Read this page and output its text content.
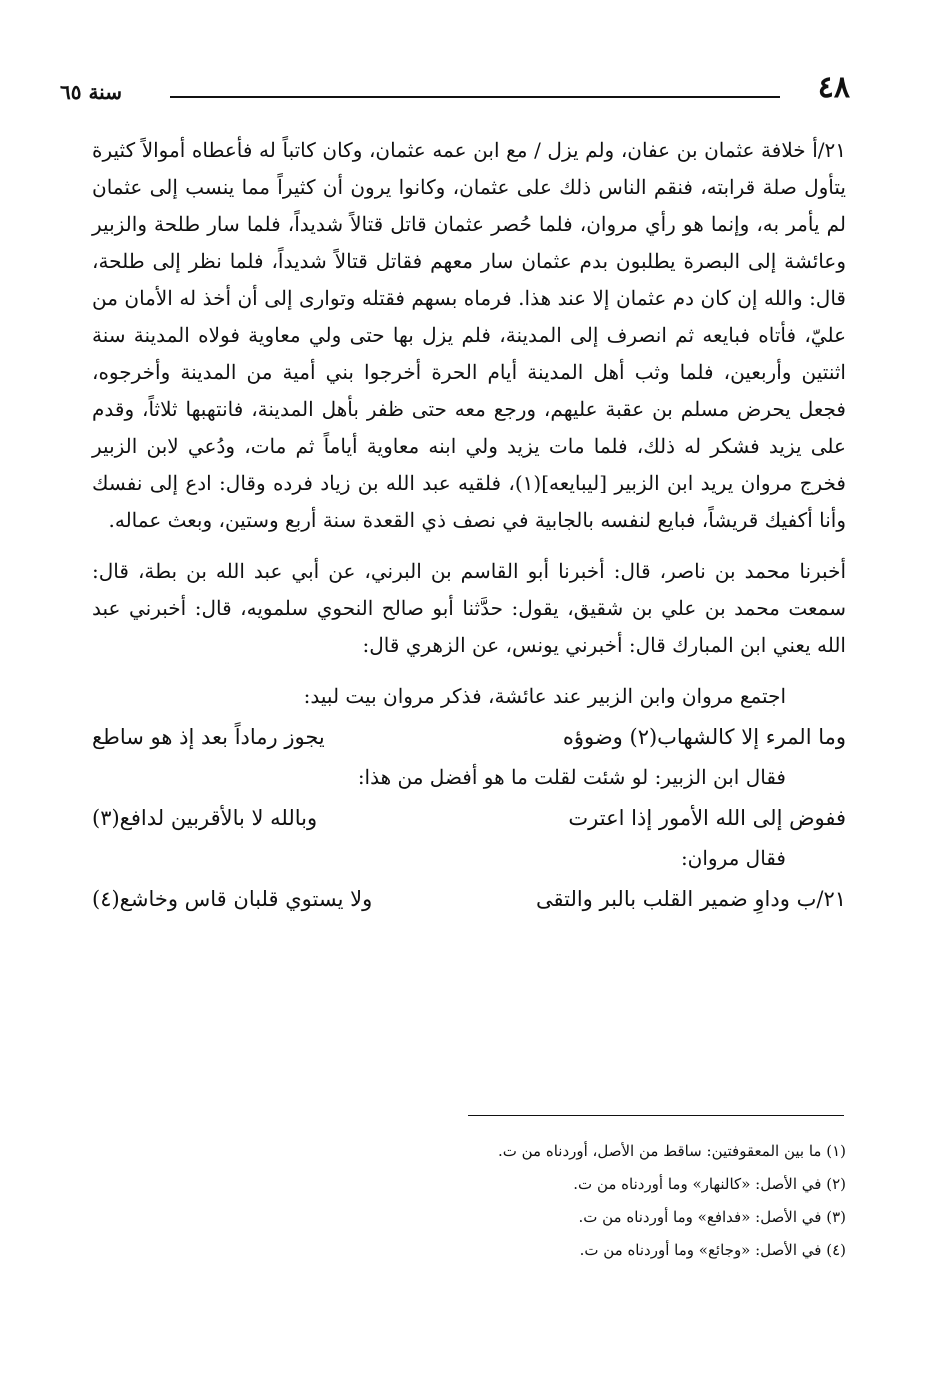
٤٨
سنة ٦٥

٢١/أ خلافة عثمان بن عفان، ولم يزل / مع ابن عمه عثمان، وكان كاتباً له فأعطاه أموالاً كثيرة يتأول صلة قرابته، فنقم الناس ذلك على عثمان، وكانوا يرون أن كثيراً مما ينسب إلى عثمان لم يأمر به، وإنما هو رأي مروان، فلما حُصر عثمان قاتل قتالاً شديداً، فلما سار طلحة والزبير وعائشة إلى البصرة يطلبون بدم عثمان سار معهم فقاتل قتالاً شديداً، فلما نظر إلى طلحة، قال: والله إن كان دم عثمان إلا عند هذا. فرماه بسهم فقتله وتوارى إلى أن أخذ له الأمان من عليّ، فأتاه فبايعه ثم انصرف إلى المدينة، فلم يزل بها حتى ولي معاوية فولاه المدينة سنة اثنتين وأربعين، فلما وثب أهل المدينة أيام الحرة أخرجوا بني أمية من المدينة وأخرجوه، فجعل يحرض مسلم بن عقبة عليهم، ورجع معه حتى ظفر بأهل المدينة، فانتهبها ثلاثاً، وقدم على يزيد فشكر له ذلك، فلما مات يزيد ولي ابنه معاوية أياماً ثم مات، ودُعي لابن الزبير فخرج مروان يريد ابن الزبير [ليبايعه](١)، فلقيه عبد الله بن زياد فرده وقال: ادع إلى نفسك وأنا أكفيك قريشاً، فبايع لنفسه بالجابية في نصف ذي القعدة سنة أربع وستين، وبعث عماله.

أخبرنا محمد بن ناصر، قال: أخبرنا أبو القاسم بن البرني، عن أبي عبد الله بن بطة، قال: سمعت محمد بن علي بن شقيق، يقول: حدَّثنا أبو صالح النحوي سلمويه، قال: أخبرني عبد الله يعني ابن المبارك قال: أخبرني يونس، عن الزهري قال:

اجتمع مروان وابن الزبير عند عائشة، فذكر مروان بيت لبيد:

وما المرء إلا كالشهاب(٢) وضوؤه
يجوز رماداً بعد إذ هو ساطع

فقال ابن الزبير: لو شئت لقلت ما هو أفضل من هذا:

ففوض إلى الله الأمور إذا اعترت
وبالله لا بالأقربين لدافع(٣)

فقال مروان:

٢١/ب وداوِ ضمير القلب بالبر والتقى
ولا يستوي قلبان قاس وخاشع(٤)
(١) ما بين المعقوفتين: ساقط من الأصل، أوردناه من ت.
(٢) في الأصل: «كالنهار» وما أوردناه من ت.
(٣) في الأصل: «فدافع» وما أوردناه من ت.
(٤) في الأصل: «وجائع» وما أوردناه من ت.
